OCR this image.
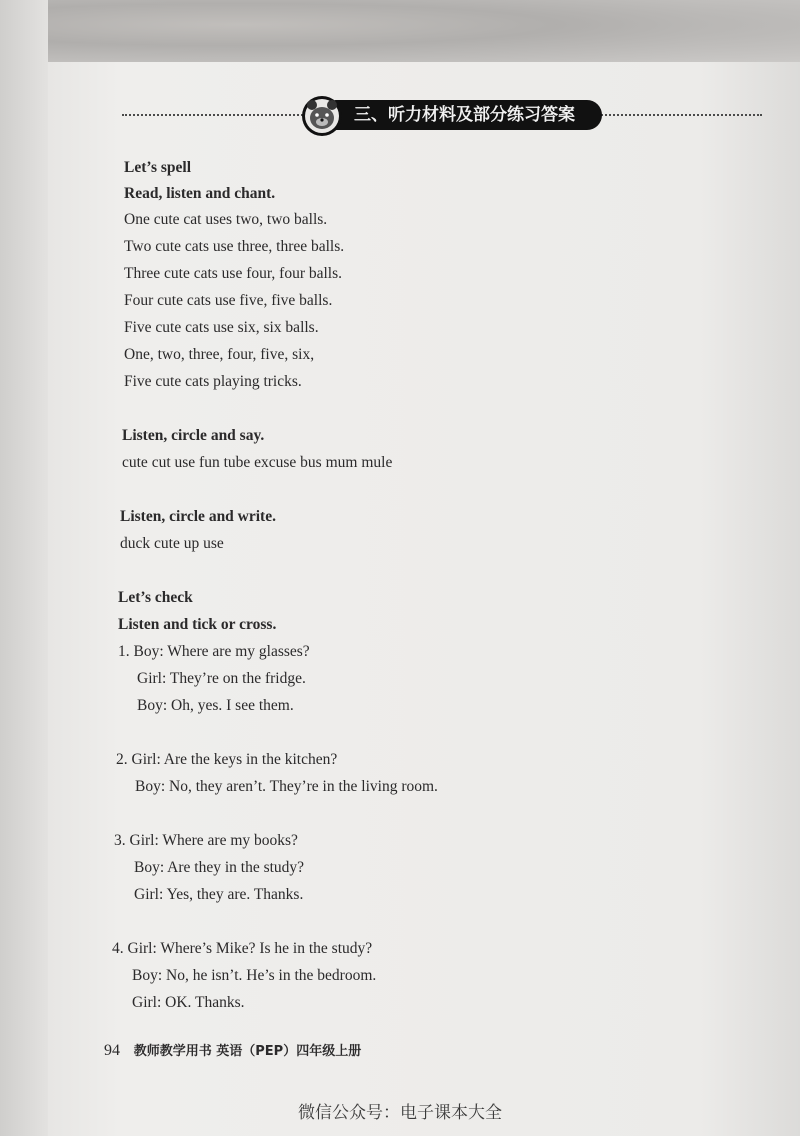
三、听力材料及部分练习答案
Let’s spell
Read, listen and chant.
One cute cat uses two, two balls.
Two cute cats use three, three balls.
Three cute cats use four, four balls.
Four cute cats use five, five balls.
Five cute cats use six, six balls.
One, two, three, four, five, six,
Five cute cats playing tricks.
Listen, circle and say.
cute cut use fun tube excuse bus mum mule
Listen, circle and write.
duck cute up use
Let’s check
Listen and tick or cross.
1. Boy: Where are my glasses?
Girl: They’re on the fridge.
Boy: Oh, yes. I see them.
2. Girl: Are the keys in the kitchen?
Boy: No, they aren’t. They’re in the living room.
3. Girl: Where are my books?
Boy: Are they in the study?
Girl: Yes, they are. Thanks.
4. Girl: Where’s Mike? Is he in the study?
Boy: No, he isn’t. He’s in the bedroom.
Girl: OK. Thanks.
94 教师教学用书 英语（PEP）四年级上册
微信公众号：电子课本大全
